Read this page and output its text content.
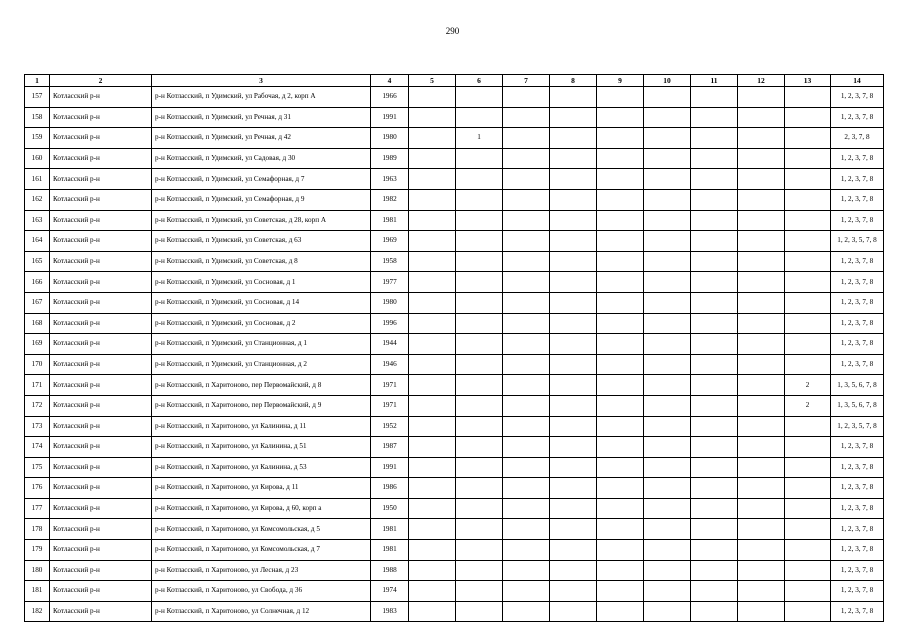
290
1	2	3	4	5	6	7	8	9	10	11	12	13	14
157	Котласский р-н	р-н Котласский, п Удимский, ул Рабочая, д 2, корп А	1966										1, 2, 3, 7, 8
158	Котласский р-н	р-н Котласский, п Удимский, ул Речная, д 31	1991										1, 2, 3, 7, 8
159	Котласский р-н	р-н Котласский, п Удимский, ул Речная, д 42	1980		1								2, 3, 7, 8
160	Котласский р-н	р-н Котласский, п Удимский, ул Садовая, д 30	1989										1, 2, 3, 7, 8
161	Котласский р-н	р-н Котласский, п Удимский, ул Семафорная, д 7	1963										1, 2, 3, 7, 8
162	Котласский р-н	р-н Котласский, п Удимский, ул Семафорная, д 9	1982										1, 2, 3, 7, 8
163	Котласский р-н	р-н Котласский, п Удимский, ул Советская, д 28, корп А	1981										1, 2, 3, 7, 8
164	Котласский р-н	р-н Котласский, п Удимский, ул Советская, д 63	1969										1, 2, 3, 5, 7, 8
165	Котласский р-н	р-н Котласский, п Удимский, ул Советская, д 8	1958										1, 2, 3, 7, 8
166	Котласский р-н	р-н Котласский, п Удимский, ул Сосновая, д 1	1977										1, 2, 3, 7, 8
167	Котласский р-н	р-н Котласский, п Удимский, ул Сосновая, д 14	1980										1, 2, 3, 7, 8
168	Котласский р-н	р-н Котласский, п Удимский, ул Сосновая, д 2	1996										1, 2, 3, 7, 8
169	Котласский р-н	р-н Котласский, п Удимский, ул Станционная, д 1	1944										1, 2, 3, 7, 8
170	Котласский р-н	р-н Котласский, п Удимский, ул Станционная, д 2	1946										1, 2, 3, 7, 8
171	Котласский р-н	р-н Котласский, п Харитоново, пер Первомайский, д 8	1971									2	1, 3, 5, 6, 7, 8
172	Котласский р-н	р-н Котласский, п Харитоново, пер Первомайский, д 9	1971									2	1, 3, 5, 6, 7, 8
173	Котласский р-н	р-н Котласский, п Харитоново, ул Калинина, д 11	1952										1, 2, 3, 5, 7, 8
174	Котласский р-н	р-н Котласский, п Харитоново, ул Калинина, д 51	1987										1, 2, 3, 7, 8
175	Котласский р-н	р-н Котласский, п Харитоново, ул Калинина, д 53	1991										1, 2, 3, 7, 8
176	Котласский р-н	р-н Котласский, п Харитоново, ул Кирова, д 11	1986										1, 2, 3, 7, 8
177	Котласский р-н	р-н Котласский, п Харитоново, ул Кирова, д 60, корп а	1950										1, 2, 3, 7, 8
178	Котласский р-н	р-н Котласский, п Харитоново, ул Комсомольская, д 5	1981										1, 2, 3, 7, 8
179	Котласский р-н	р-н Котласский, п Харитоново, ул Комсомольская, д 7	1981										1, 2, 3, 7, 8
180	Котласский р-н	р-н Котласский, п Харитоново, ул Лесная, д 23	1988										1, 2, 3, 7, 8
181	Котласский р-н	р-н Котласский, п Харитоново, ул Свобода, д 36	1974										1, 2, 3, 7, 8
182	Котласский р-н	р-н Котласский, п Харитоново, ул Солнечная, д 12	1983										1, 2, 3, 7, 8
